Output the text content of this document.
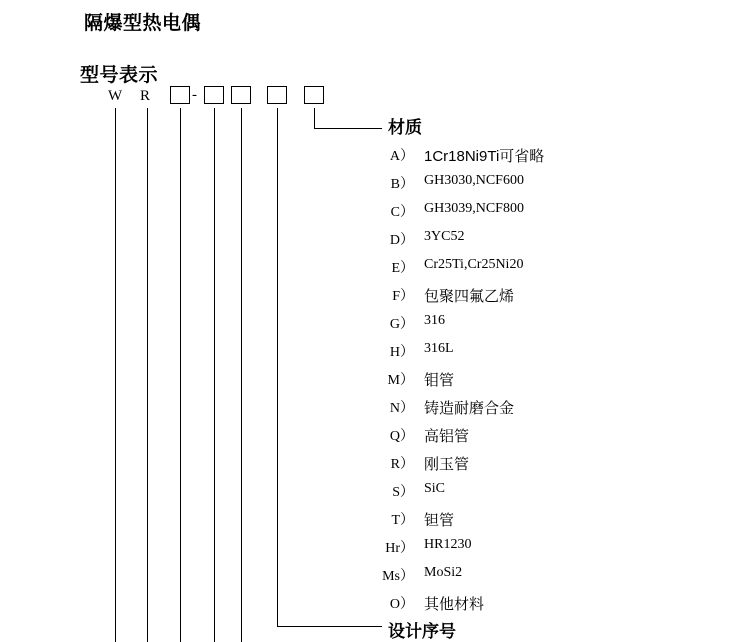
隔爆型热电偶
型号表示
W R	-
材质
A） 1Cr18Ni9Ti可省略
B） GH3030,NCF600
C） GH3039,NCF800
D） 3YC52
E） Cr25Ti,Cr25Ni20
F） 包聚四氟乙烯
G） 316
H） 316L
M） 钼管
N） 铸造耐磨合金
Q） 高铝管
R） 刚玉管
S） SiC
T） 钽管
Hr） HR1230
Ms） MoSi2
O） 其他材料
设计序号
